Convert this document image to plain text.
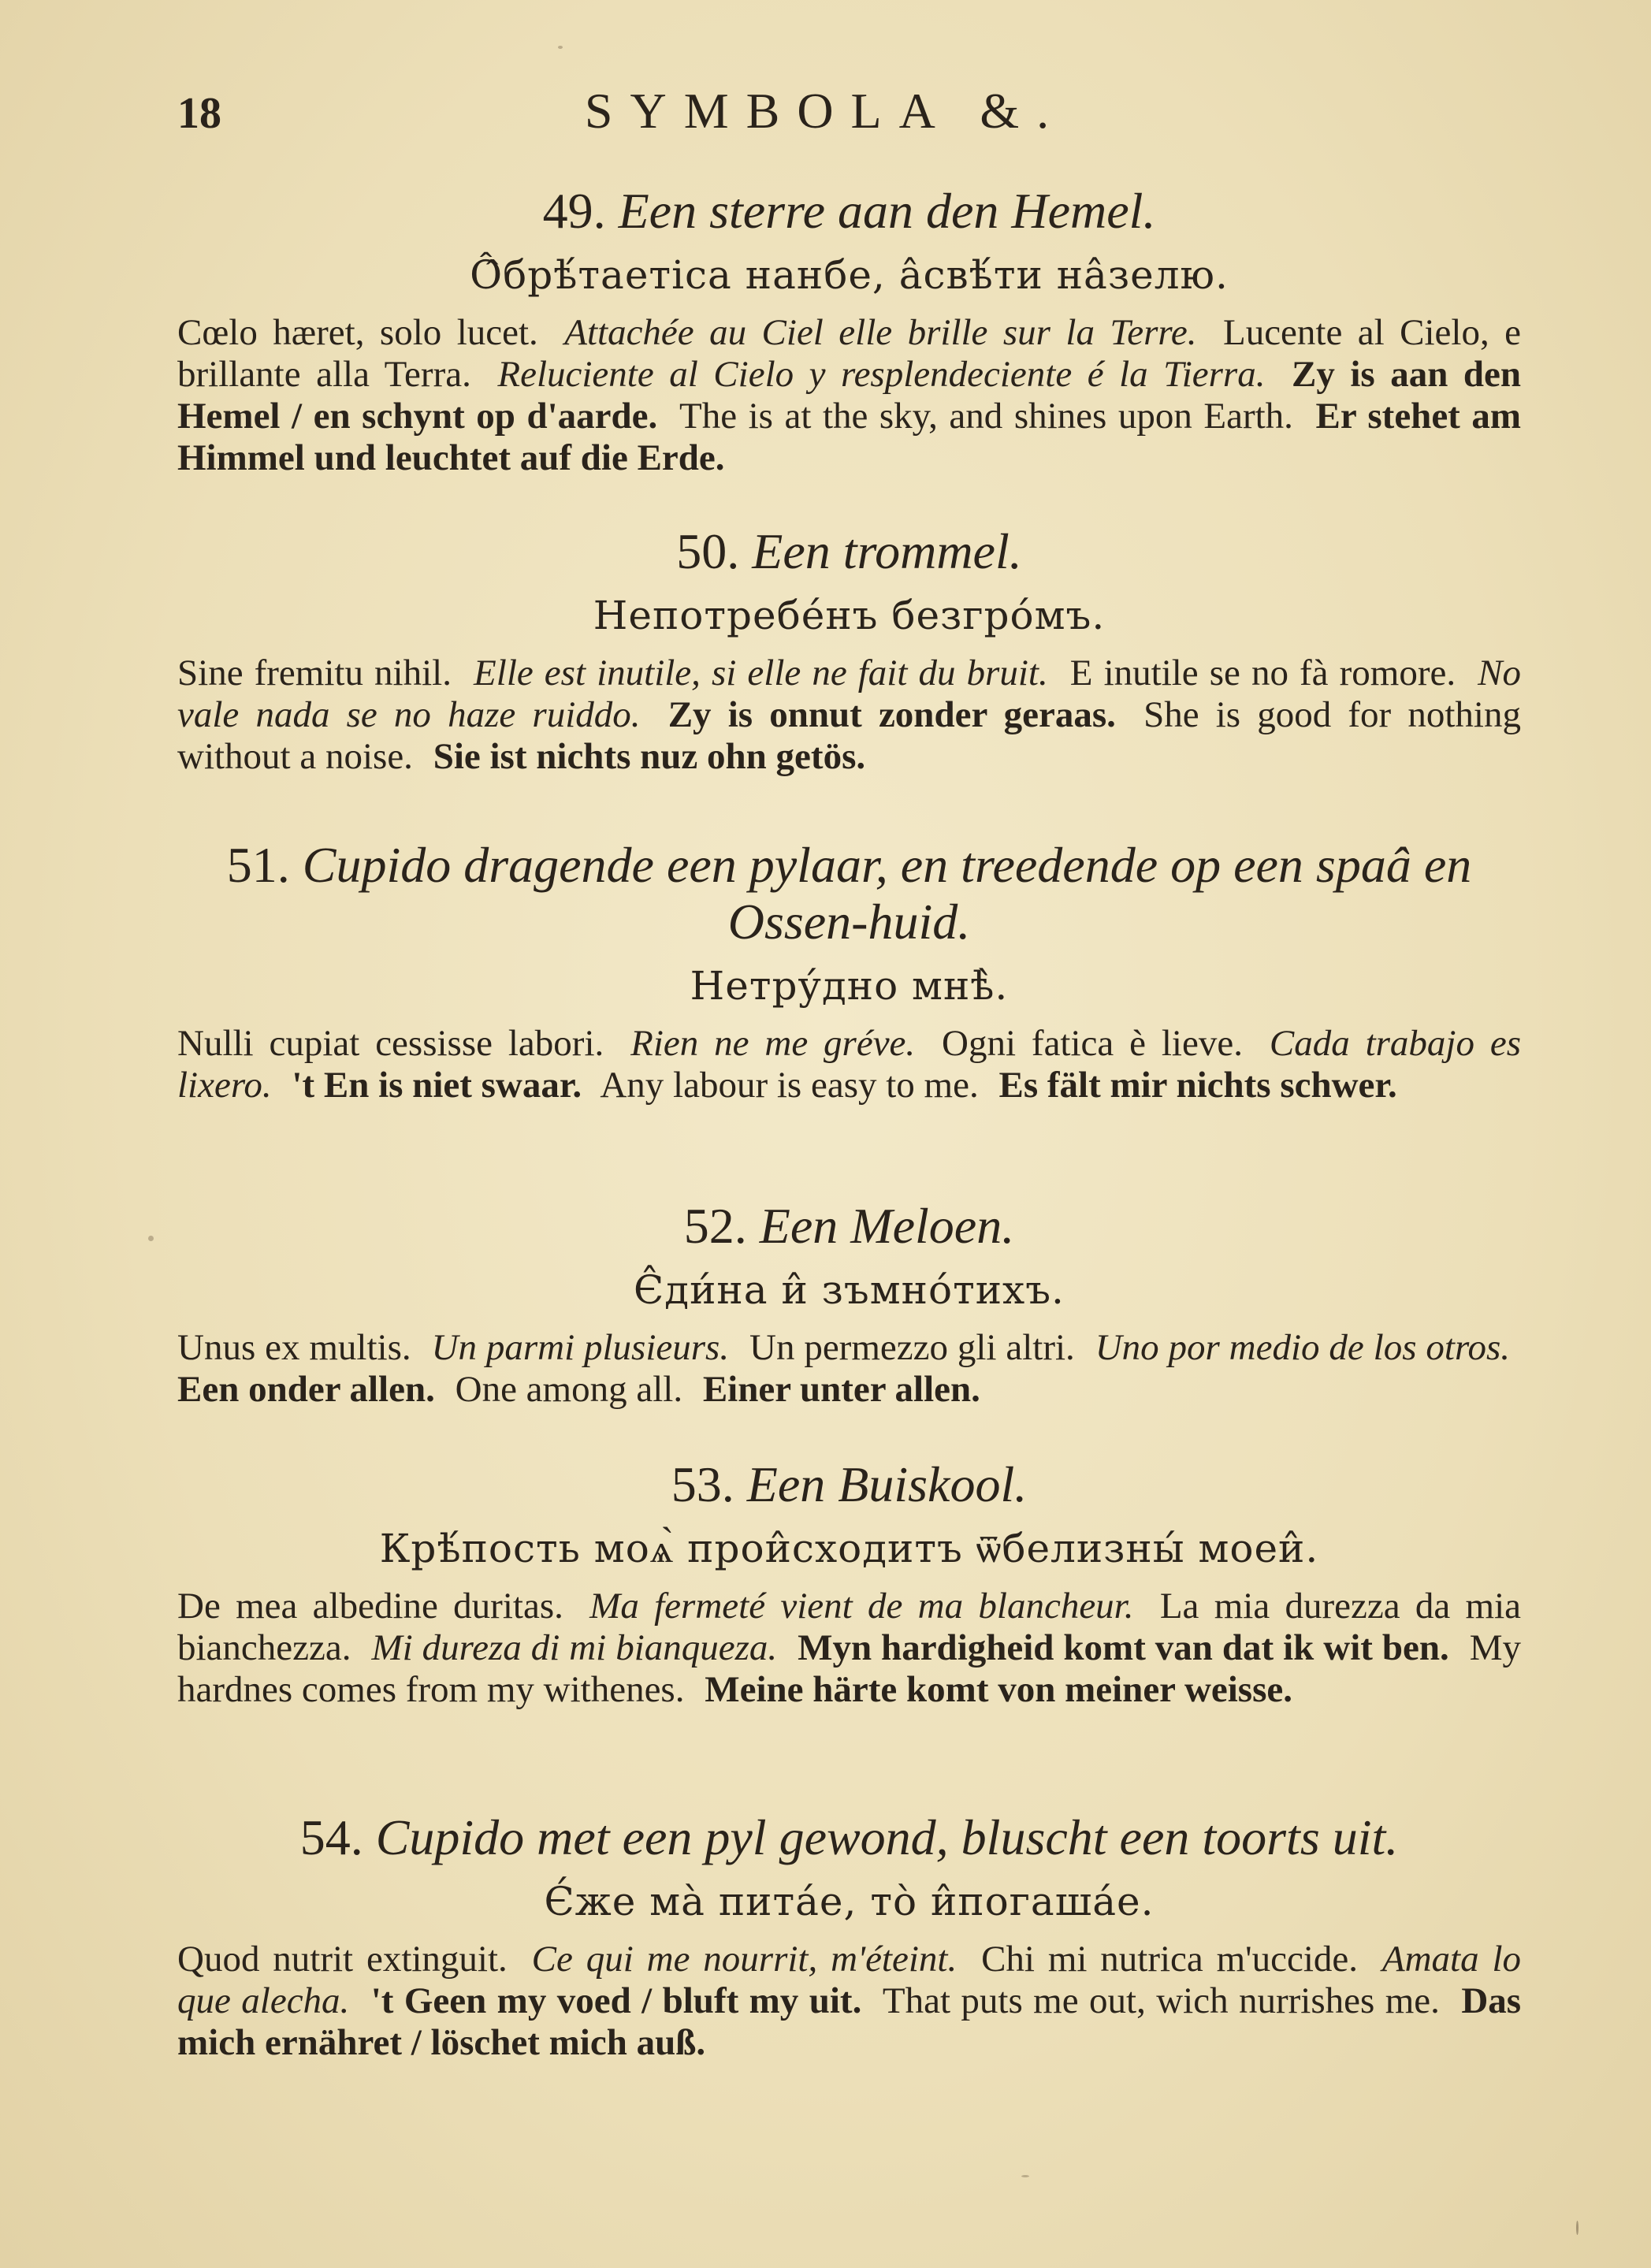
18	SYMBOLA &.

49. Een sterre aan den Hemel.

Ô̂брѣ́таетіса нанбе, а̂свѣ́ти на̂зелю.

Cœlo hæret, solo lucet. Attachée au Ciel elle brille sur la Terre. Lucente al Cielo, e brillante alla Terra. Reluciente al Cielo y resplendeciente é la Tierra. Zy is aan den Hemel / en schynt op d'aarde. The is at the sky, and shines upon Earth. Er stehet am Himmel und leuchtet auf die Erde.

50. Een trommel.

Непотребе́нъ безгро́мъ.

Sine fremitu nihil. Elle est inutile, si elle ne fait du bruit. E inutile se no fà romore. No vale nada se no haze ruiddo. Zy is onnut zonder geraas. She is good for nothing without a noise. Sie ist nichts nuz ohn getös.

51. Cupido dragende een pylaar, en treedende op een spaâ en Ossen-huid.

Нетру́дно мнѣ̀.

Nulli cupiat cessisse labori. Rien ne me gréve. Ogni fatica è lieve. Cada trabajo es lixero. 't En is niet swaar. Any labour is easy to me. Es fält mir nichts schwer.

52. Een Meloen.

Є̂ди́на и̂ зъмно́тихъ.

Unus ex multis. Un parmi plusieurs. Un permezzo gli altri. Uno por medio de los otros. Een onder allen. One among all. Einer unter allen.

53. Een Buiskool.

Крѣ́пость моѧ̀ прои̂сходитъ ѿбелизны́ моеи̂.

De mea albedine duritas. Ma fermeté vient de ma blancheur. La mia durezza da mia bianchezza. Mi dureza di mi bianqueza. Myn hardigheid komt van dat ik wit ben. My hardnes comes from my withenes. Meine härte komt von meiner weisse.

54. Cupido met een pyl gewond, bluscht een toorts uit.

Є́же ма̀ пита́е, то̀ и̂погаша́е.

Quod nutrit extinguit. Ce qui me nourrit, m'éteint. Chi mi nutrica m'uccide. Amata lo que alecha. 't Geen my voed / bluft my uit. That puts me out, wich nurrishes me. Das mich ernähret / löschet mich auß.
